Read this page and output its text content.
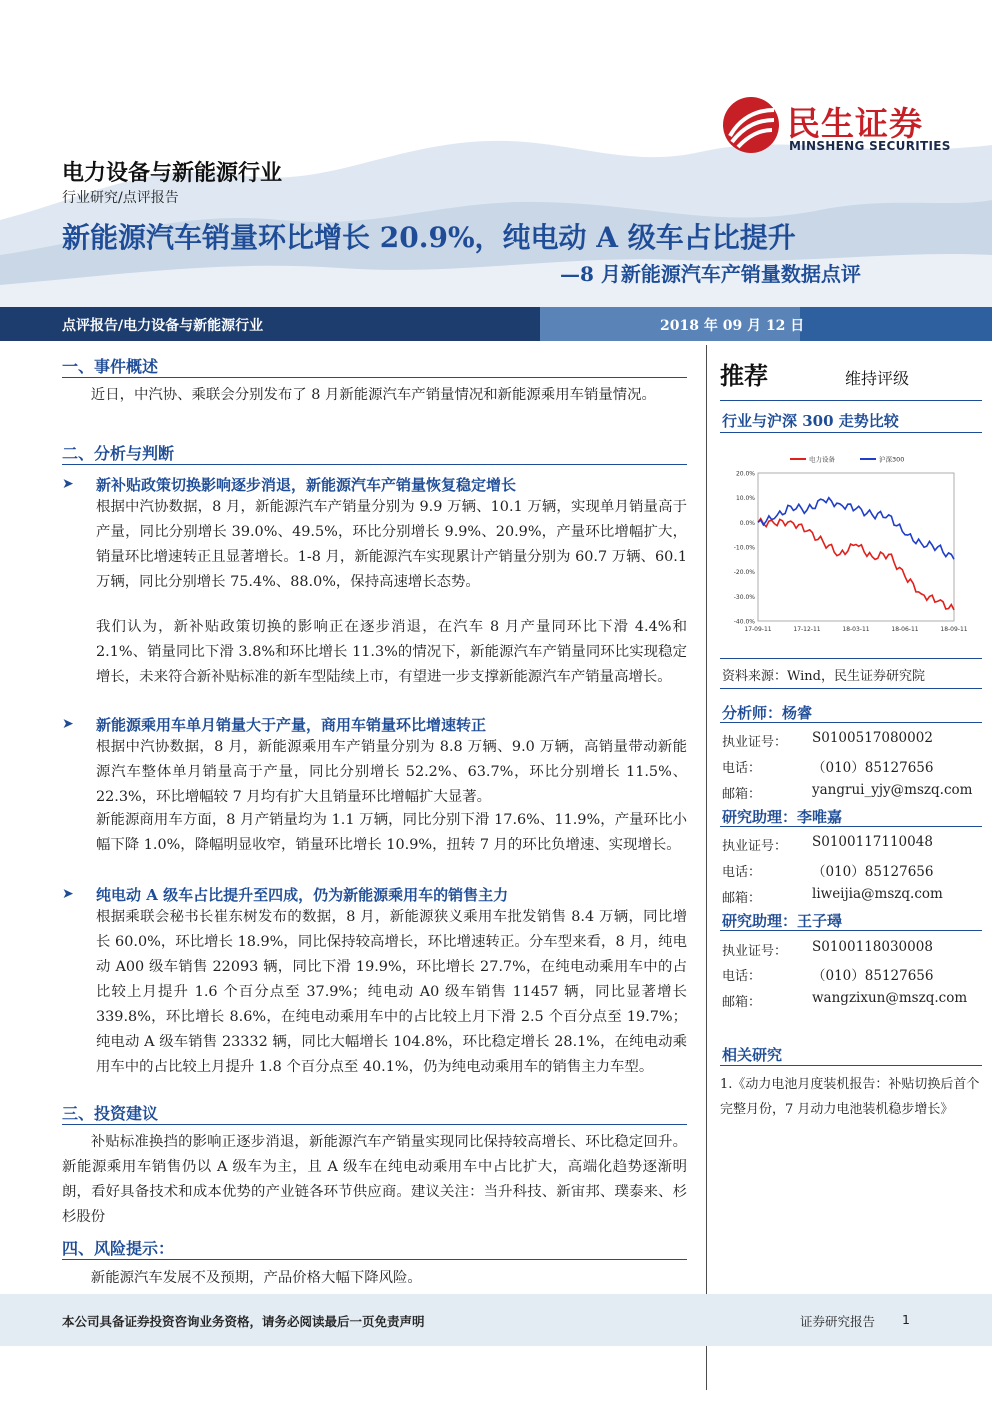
民生证券
MINSHENG SECURITIES
电力设备与新能源行业
行业研究/点评报告
新能源汽车销量环比增长 20.9%，纯电动 A 级车占比提升
—8 月新能源汽车产销量数据点评
点评报告/电力设备与新能源行业	2018 年 09 月 12 日
一、事件概述
近日，中汽协、乘联会分别发布了 8 月新能源汽车产销量情况和新能源乘用车销量情况。
二、分析与判断
➤ 新补贴政策切换影响逐步消退，新能源汽车产销量恢复稳定增长
根据中汽协数据，8 月，新能源汽车产销量分别为 9.9 万辆、10.1 万辆，实现单月销量高于产量，同比分别增长 39.0%、49.5%，环比分别增长 9.9%、20.9%，产量环比增幅扩大，销量环比增速转正且显著增长。1-8 月，新能源汽车实现累计产销量分别为 60.7 万辆、60.1 万辆，同比分别增长 75.4%、88.0%，保持高速增长态势。
我们认为，新补贴政策切换的影响正在逐步消退，在汽车 8 月产量同环比下滑 4.4%和 2.1%、销量同比下滑 3.8%和环比增长 11.3%的情况下，新能源汽车产销量同环比实现稳定增长，未来符合新补贴标准的新车型陆续上市，有望进一步支撑新能源汽车产销量高增长。
➤ 新能源乘用车单月销量大于产量，商用车销量环比增速转正
根据中汽协数据，8 月，新能源乘用车产销量分别为 8.8 万辆、9.0 万辆，高销量带动新能源汽车整体单月销量高于产量，同比分别增长 52.2%、63.7%，环比分别增长 11.5%、22.3%，环比增幅较 7 月均有扩大且销量环比增幅扩大显著。
新能源商用车方面，8 月产销量均为 1.1 万辆，同比分别下滑 17.6%、11.9%，产量环比小幅下降 1.0%，降幅明显收窄，销量环比增长 10.9%，扭转 7 月的环比负增速、实现增长。
➤ 纯电动 A 级车占比提升至四成，仍为新能源乘用车的销售主力
根据乘联会秘书长崔东树发布的数据，8 月，新能源狭义乘用车批发销售 8.4 万辆，同比增长 60.0%，环比增长 18.9%，同比保持较高增长，环比增速转正。分车型来看，8 月，纯电动 A00 级车销售 22093 辆，同比下滑 19.9%，环比增长 27.7%，在纯电动乘用车中的占比较上月提升 1.6 个百分点至 37.9%；纯电动 A0 级车销售 11457 辆，同比显著增长 339.8%，环比增长 8.6%，在纯电动乘用车中的占比较上月下滑 2.5 个百分点至 19.7%；纯电动 A 级车销售 23332 辆，同比大幅增长 104.8%，环比稳定增长 28.1%，在纯电动乘用车中的占比较上月提升 1.8 个百分点至 40.1%，仍为纯电动乘用车的销售主力车型。
三、投资建议
补贴标准换挡的影响正逐步消退，新能源汽车产销量实现同比保持较高增长、环比稳定回升。新能源乘用车销售仍以 A 级车为主，且 A 级车在纯电动乘用车中占比扩大，高端化趋势逐渐明朗，看好具备技术和成本优势的产业链各环节供应商。建议关注：当升科技、新宙邦、璞泰来、杉杉股份
四、风险提示：
新能源汽车发展不及预期，产品价格大幅下降风险。
推荐	维持评级
行业与沪深 300 走势比较
20.0%
10.0%
0.0%
-10.0%
-20.0%
-30.0%
-40.0%
17-09-11	17-12-11	18-03-11	18-06-11	18-09-11
电力设备	沪深300
资料来源：Wind，民生证券研究院
分析师：杨睿
执业证号： S0100517080002
电话：	（010）85127656
邮箱：	yangrui_yjy@mszq.com
研究助理：李唯嘉
执业证号： S0100117110048
电话：	（010）85127656
邮箱：	liweijia@mszq.com
研究助理：王子璕
执业证号： S0100118030008
电话：	（010）85127656
邮箱：	wangzixun@mszq.com
相关研究
1.《动力电池月度装机报告：补贴切换后首个完整月份，7 月动力电池装机稳步增长》
本公司具备证券投资咨询业务资格，请务必阅读最后一页免责声明	证券研究报告 1
